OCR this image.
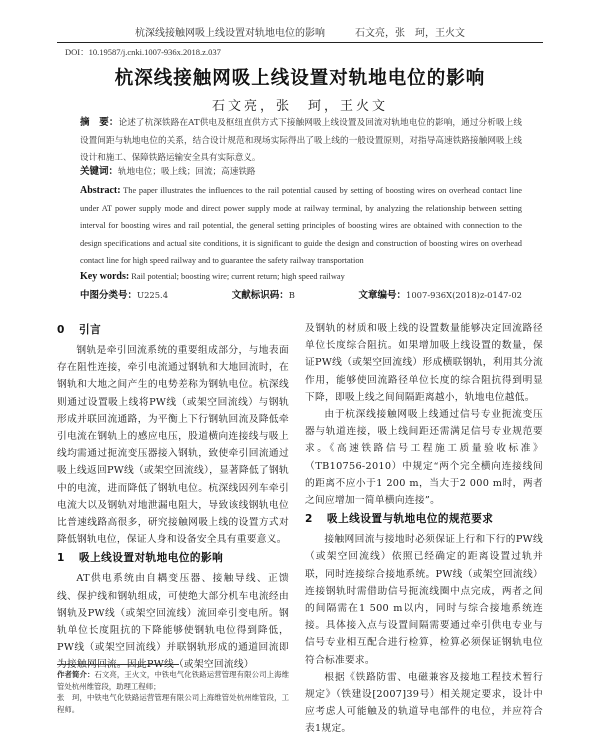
杭深线接触网吸上线设置对轨地电位的影响	石文亮，张　珂，王火文
DOI：10.19587/j.cnki.1007-936x.2018.z.037
杭深线接触网吸上线设置对轨地电位的影响
石文亮，张　珂，王火文
摘　要：论述了杭深铁路在AT供电及枢纽直供方式下接触网吸上线设置及回流对轨地电位的影响，通过分析吸上线设置间距与轨地电位的关系，结合设计规范和现场实际得出了吸上线的一般设置原则，对指导高速铁路接触网吸上线设计和施工、保障铁路运输安全具有实际意义。
关键词：轨地电位；吸上线；回流；高速铁路
Abstract: The paper illustrates the influences to the rail potential caused by setting of boosting wires on overhead contact line under AT power supply mode and direct power supply mode at railway terminal, by analyzing the relationship between setting interval for boosting wires and rail potential, the general setting principles of boosting wires are obtained with connection to the design specifications and actual site conditions, it is significant to guide the design and construction of boosting wires on overhead contact line for high speed railway and to guarantee the safety railway transportation
Key words: Rail potential; boosting wire; current return; high speed railway
中图分类号：U225.4	文献标识码：B	文章编号：1007-936X(2018)z-0147-02
0 引言

钢轨是牵引回流系统的重要组成部分，与地表面存在阻性连接，牵引电流通过钢轨和大地回流时，在钢轨和大地之间产生的电势差称为钢轨电位。杭深线则通过设置吸上线将PW线（或架空回流线）与钢轨形成并联回流通路，为平衡上下行钢轨回流及降低牵引电流在钢轨上的感应电压，股道横向连接线与吸上线均需通过扼流变压器接入钢轨，致使牵引回流通过吸上线返回PW线（或架空回流线），显著降低了钢轨中的电流，进而降低了钢轨电位。杭深线因列车牵引电流大以及钢轨对地泄漏电阻大，导致该线钢轨电位比普速线路高很多，研究接触网吸上线的设置方式对降低钢轨电位，保证人身和设备安全具有重要意义。

1 吸上线设置对轨地电位的影响

AT供电系统由自耦变压器、接触导线、正馈线、保护线和钢轨组成，可使绝大部分机车电流经由钢轨及PW线（或架空回流线）流回牵引变电所。钢轨单位长度阻抗的下降能够使钢轨电位得到降低，PW线（或架空回流线）并联钢轨形成的通道回流即为接触网回流。因此PW线（或架空回流线）

及钢轨的材质和吸上线的设置数量能够决定回流路径单位长度综合阻抗。如果增加吸上线设置的数量，保证PW线（或架空回流线）形成横联钢轨，利用其分流作用，能够使回流路径单位长度的综合阻抗得到明显下降，即吸上线之间间隔距离越小，轨地电位越低。

由于杭深线接触网吸上线通过信号专业扼流变压器与轨道连接，吸上线间距还需满足信号专业规范要求。《高速铁路信号工程施工质量验收标准》（TB10756-2010）中规定“两个完全横向连接线间的距离不应小于1 200 m，当大于2 000 m时，两者之间应增加一简单横向连接”。

2 吸上线设置与轨地电位的规范要求

接触网回流与接地时必须保证上行和下行的PW线（或架空回流线）依照已经确定的距离设置过轨并联，同时连接综合接地系统。PW线（或架空回流线）连接钢轨时需借助信号扼流线圈中点完成，两者之间的间隔需在1 500 m以内，同时与综合接地系统连接。具体接入点与设置间隔需要通过牵引供电专业与信号专业相互配合进行检算，检算必须保证钢轨电位符合标准要求。

根据《铁路防雷、电磁兼容及接地工程技术暂行规定》（铁建设[2007]39号）相关规定要求，设计中应考虑人可能触及的轨道导电部件的电位，并应符合表1规定。

作者简介：石文亮，王火文，中铁电气化铁路运营管理有限公司上海维管处杭州维管段，助理工程师；

张　珂，中铁电气化铁路运营管理有限公司上海维管处杭州维管段，工程师。
